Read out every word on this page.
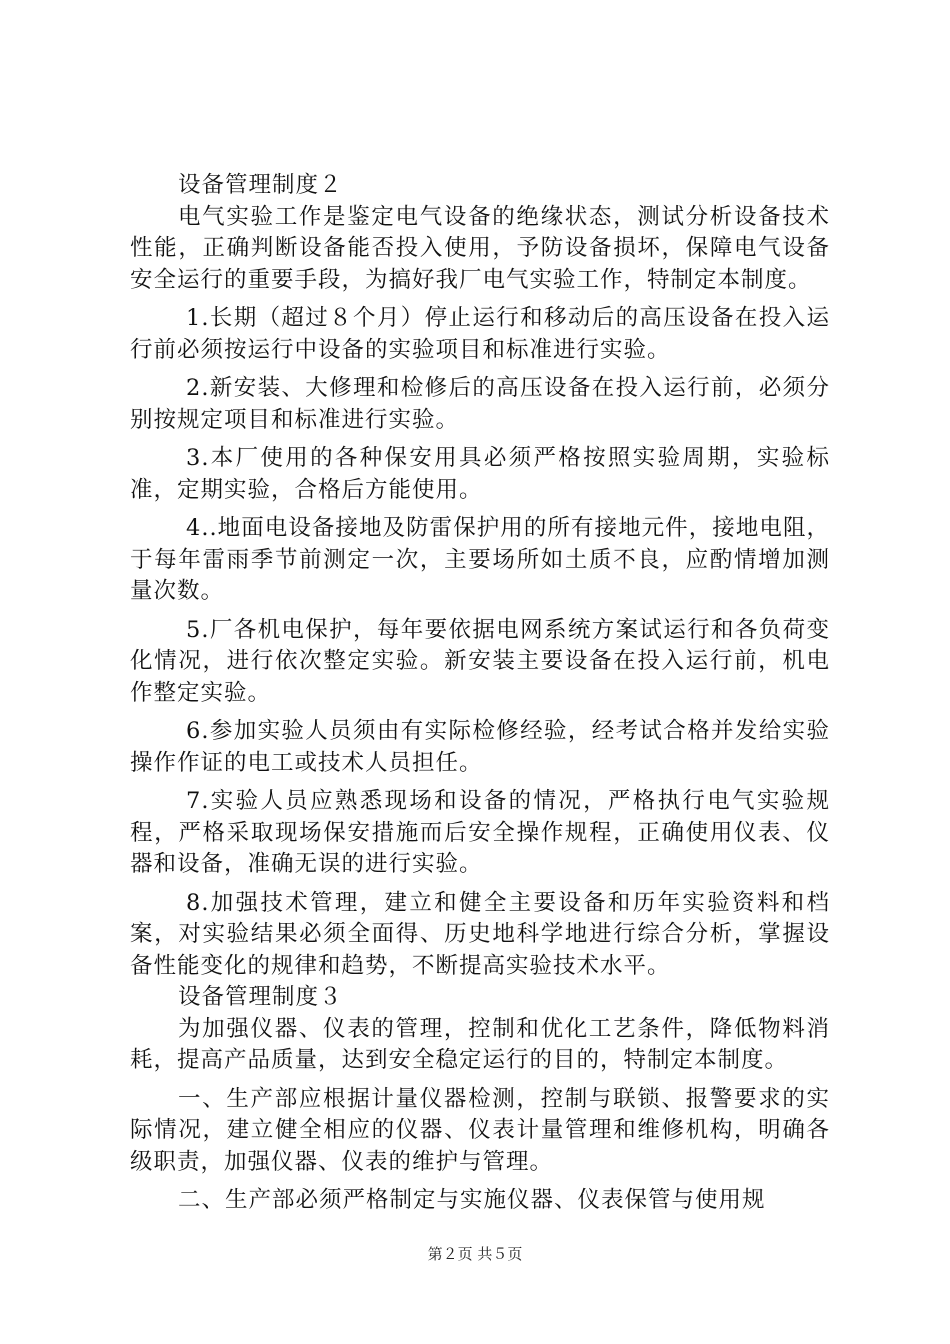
设备管理制度２

电气实验工作是鉴定电气设备的绝缘状态，测试分析设备技术性能，正确判断设备能否投入使用，予防设备损坏，保障电气设备安全运行的重要手段，为搞好我厂电气实验工作，特制定本制度。

1.长期（超过８个月）停止运行和移动后的高压设备在投入运行前必须按运行中设备的实验项目和标准进行实验。

2.新安装、大修理和检修后的高压设备在投入运行前，必须分别按规定项目和标准进行实验。

3.本厂使用的各种保安用具必须严格按照实验周期，实验标准，定期实验，合格后方能使用。

4..地面电设备接地及防雷保护用的所有接地元件，接地电阻，于每年雷雨季节前测定一次，主要场所如土质不良，应酌情增加测量次数。

5.厂各机电保护，每年要依据电网系统方案试运行和各负荷变化情况，进行依次整定实验。新安装主要设备在投入运行前，机电作整定实验。

6.参加实验人员须由有实际检修经验，经考试合格并发给实验操作作证的电工或技术人员担任。

7.实验人员应熟悉现场和设备的情况，严格执行电气实验规程，严格采取现场保安措施而后安全操作规程，正确使用仪表、仪器和设备，准确无误的进行实验。

8.加强技术管理，建立和健全主要设备和历年实验资料和档案，对实验结果必须全面得、历史地科学地进行综合分析，掌握设备性能变化的规律和趋势，不断提高实验技术水平。

设备管理制度３

为加强仪器、仪表的管理，控制和优化工艺条件，降低物料消耗，提高产品质量，达到安全稳定运行的目的，特制定本制度。

一、生产部应根据计量仪器检测，控制与联锁、报警要求的实际情况，建立健全相应的仪器、仪表计量管理和维修机构，明确各级职责，加强仪器、仪表的维护与管理。

二、生产部必须严格制定与实施仪器、仪表保管与使用规

第２页 共５页
